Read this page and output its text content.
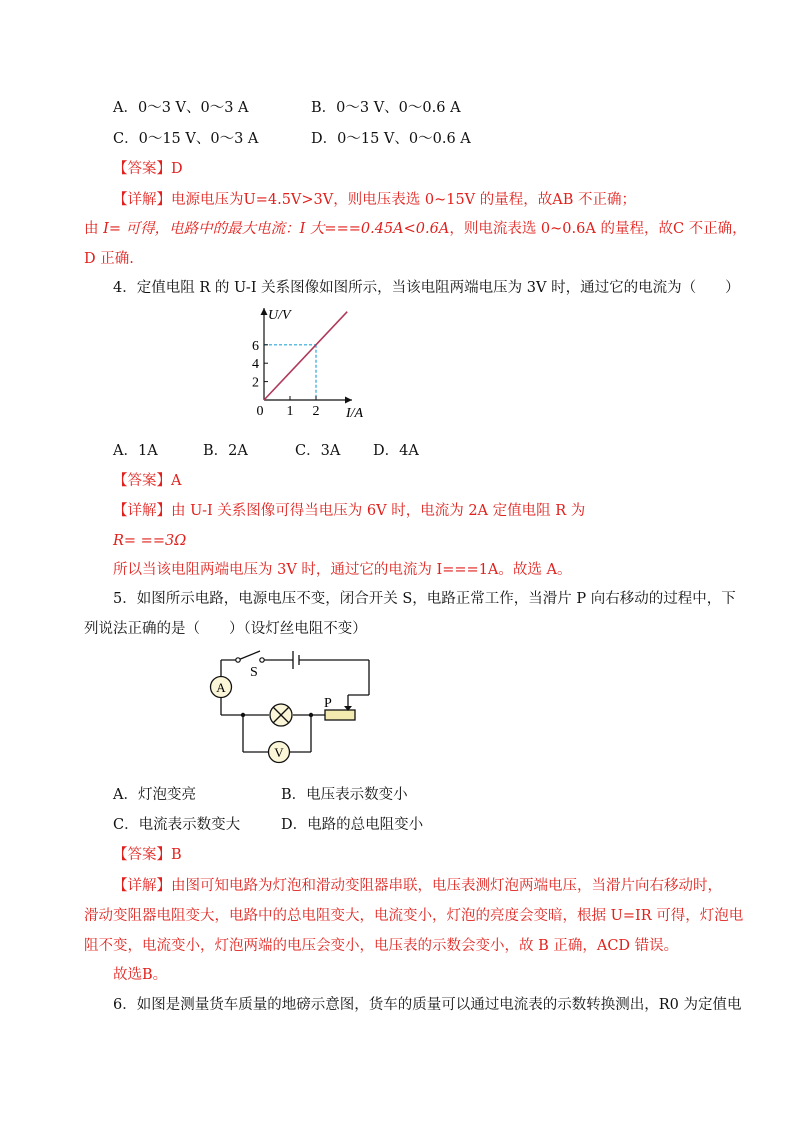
A．0～3 V、0～3 A	B．0～3 V、0～0.6 A
C．0～15 V、0～3 A	D．0～15 V、0～0.6 A
【答案】D
【详解】电源电压为U=4.5V>3V，则电压表选 0~15V 的量程，故AB 不正确；
由 I= 可得，电路中的最大电流：I 大===0.45A<0.6A，则电流表选 0~0.6A 的量程，故C 不正确，
D 正确.
4．定值电阻 R 的 U-I 关系图像如图所示，当该电阻两端电压为 3V 时，通过它的电流为（　　）
0 1 2
2
4
6
U/V
I/A
A．1A	B．2A	C．3A D．4A
【答案】A
【详解】由 U-I 关系图像可得当电压为 6V 时，电流为 2A 定值电阻 R 为
R= ==3Ω
所以当该电阻两端电压为 3V 时，通过它的电流为 I===1A。故选 A。
5．如图所示电路，电源电压不变，闭合开关 S，电路正常工作，当滑片 P 向右移动的过程中，下
列说法正确的是（　　）（设灯丝电阻不变）
S
A
P
V
A．灯泡变亮	B．电压表示数变小
C．电流表示数变大	D．电路的总电阻变小
【答案】B
【详解】由图可知电路为灯泡和滑动变阻器串联，电压表测灯泡两端电压，当滑片向右移动时，
滑动变阻器电阻变大，电路中的总电阻变大，电流变小，灯泡的亮度会变暗，根据 U=IR 可得，灯泡电
阻不变，电流变小，灯泡两端的电压会变小，电压表的示数会变小，故 B 正确，ACD 错误。
故选B。
6．如图是测量货车质量的地磅示意图，货车的质量可以通过电流表的示数转换测出，R0 为定值电
